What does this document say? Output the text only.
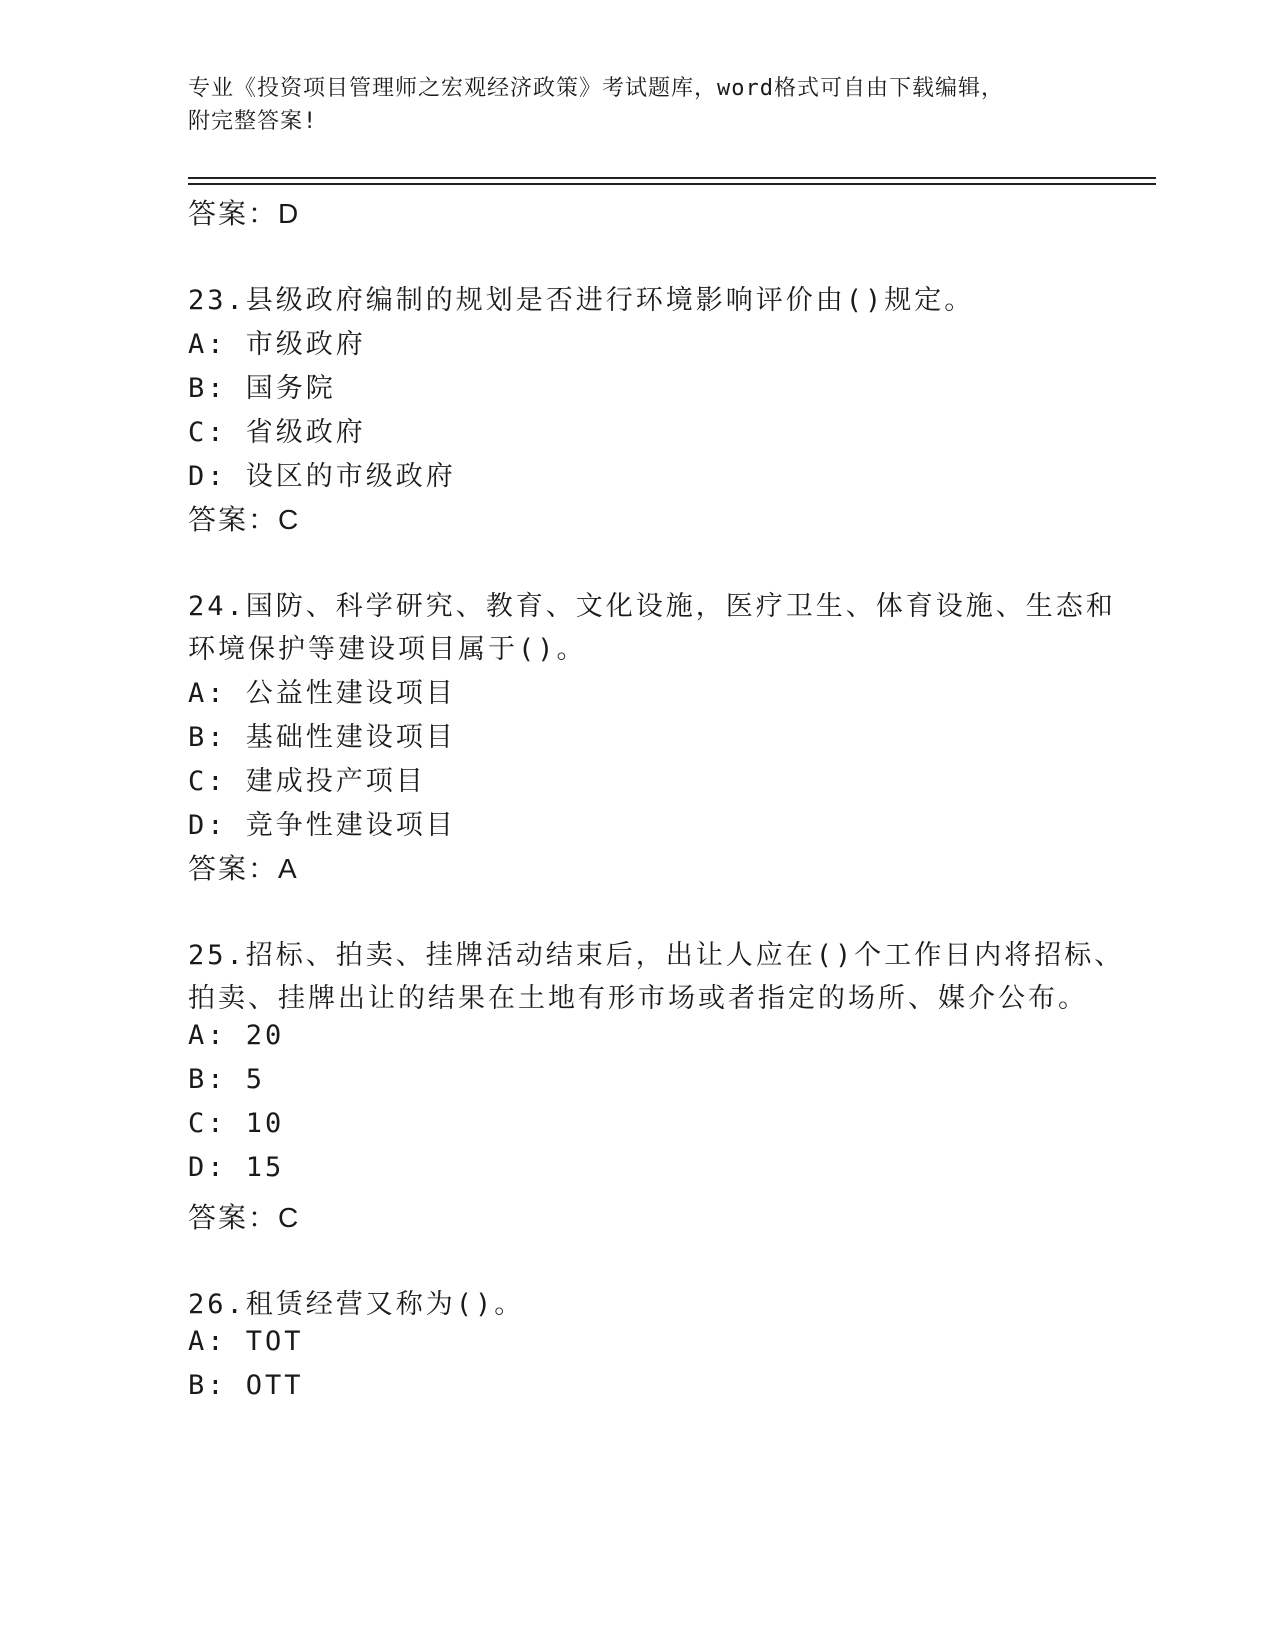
专业《投资项目管理师之宏观经济政策》考试题库，word格式可自由下载编辑，
附完整答案!
答案：D
23.县级政府编制的规划是否进行环境影响评价由()规定。
A: 市级政府
B: 国务院
C: 省级政府
D: 设区的市级政府
答案：C
24.国防、科学研究、教育、文化设施，医疗卫生、体育设施、生态和
环境保护等建设项目属于()。
A: 公益性建设项目
B: 基础性建设项目
C: 建成投产项目
D: 竞争性建设项目
答案：A
25.招标、拍卖、挂牌活动结束后，出让人应在()个工作日内将招标、
拍卖、挂牌出让的结果在土地有形市场或者指定的场所、媒介公布。
A: 20
B: 5
C: 10
D: 15
答案：C
26.租赁经营又称为()。
A: TOT
B: OTT
